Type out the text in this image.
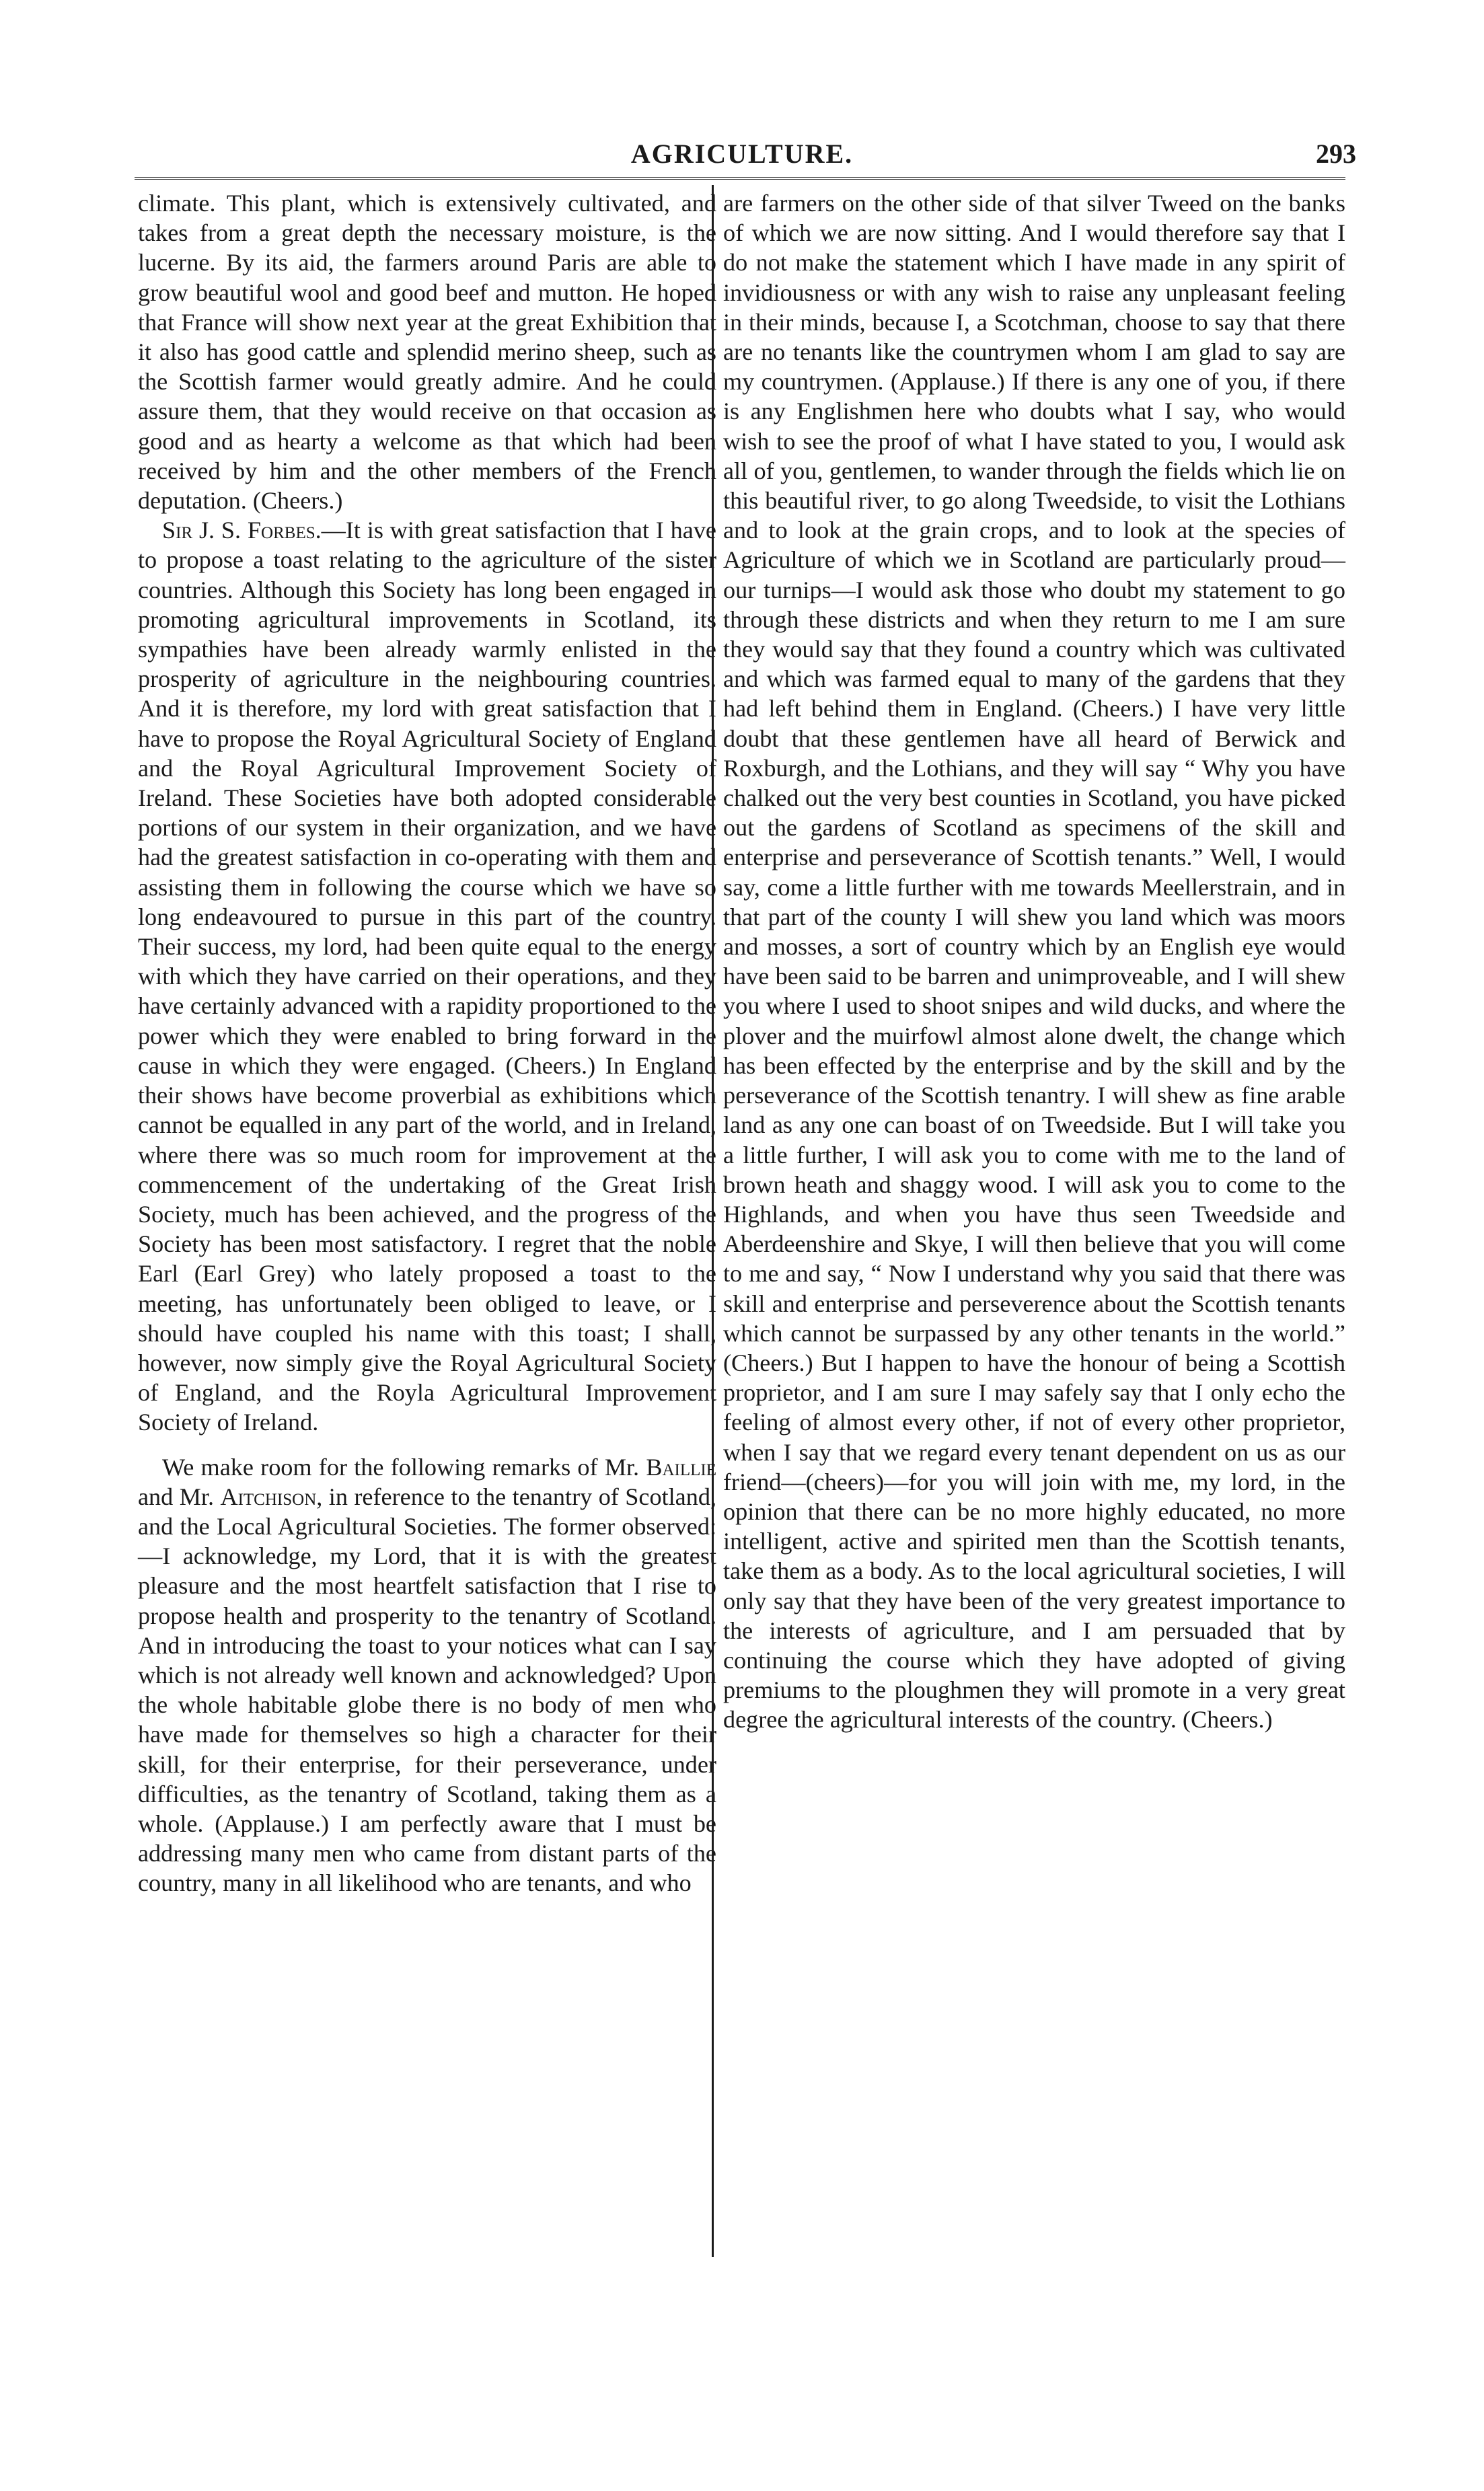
AGRICULTURE.	293

climate. This plant, which is extensively cultivated, and takes from a great depth the necessary moisture, is the lucerne. By its aid, the farmers around Paris are able to grow beautiful wool and good beef and mutton. He hoped that France will show next year at the great Exhibition that it also has good cattle and splendid merino sheep, such as the Scottish farmer would greatly admire. And he could assure them, that they would receive on that occasion as good and as hearty a welcome as that which had been received by him and the other members of the French deputation. (Cheers.)

Sir J. S. Forbes.—It is with great satisfaction that I have to propose a toast relating to the agriculture of the sister countries. Although this Society has long been engaged in promoting agricultural improvements in Scotland, its sympathies have been already warmly enlisted in the prosperity of agriculture in the neighbouring countries. And it is therefore, my lord with great satisfaction that I have to propose the Royal Agricultural Society of England and the Royal Agricultural Improvement Society of Ireland. These Societies have both adopted considerable portions of our system in their organization, and we have had the greatest satisfaction in co-operating with them and assisting them in following the course which we have so long endeavoured to pursue in this part of the country. Their success, my lord, had been quite equal to the energy with which they have carried on their operations, and they have certainly advanced with a rapidity proportioned to the power which they were enabled to bring forward in the cause in which they were engaged. (Cheers.) In England their shows have become proverbial as exhibitions which cannot be equalled in any part of the world, and in Ireland, where there was so much room for improvement at the commencement of the undertaking of the Great Irish Society, much has been achieved, and the progress of the Society has been most satisfactory. I regret that the noble Earl (Earl Grey) who lately proposed a toast to the meeting, has unfortunately been obliged to leave, or I should have coupled his name with this toast; I shall, however, now simply give the Royal Agricultural Society of England, and the Royla Agricultural Improvement Society of Ireland.

We make room for the following remarks of Mr. Baillie and Mr. Aitchison, in reference to the tenantry of Scotland, and the Local Agricultural Societies. The former observed:—I acknowledge, my Lord, that it is with the greatest pleasure and the most heartfelt satisfaction that I rise to propose health and prosperity to the tenantry of Scotland. And in introducing the toast to your notices what can I say which is not already well known and acknowledged? Upon the whole habitable globe there is no body of men who have made for themselves so high a character for their skill, for their enterprise, for their perseverance, under difficulties, as the tenantry of Scotland, taking them as a whole. (Applause.) I am perfectly aware that I must be addressing many men who came from distant parts of the country, many in all likelihood who are tenants, and who

are farmers on the other side of that silver Tweed on the banks of which we are now sitting. And I would therefore say that I do not make the statement which I have made in any spirit of invidiousness or with any wish to raise any unpleasant feeling in their minds, because I, a Scotchman, choose to say that there are no tenants like the countrymen whom I am glad to say are my countrymen. (Applause.) If there is any one of you, if there is any Englishmen here who doubts what I say, who would wish to see the proof of what I have stated to you, I would ask all of you, gentlemen, to wander through the fields which lie on this beautiful river, to go along Tweedside, to visit the Lothians and to look at the grain crops, and to look at the species of Agriculture of which we in Scotland are particularly proud—our turnips—I would ask those who doubt my statement to go through these districts and when they return to me I am sure they would say that they found a country which was cultivated and which was farmed equal to many of the gardens that they had left behind them in England. (Cheers.) I have very little doubt that these gentlemen have all heard of Berwick and Roxburgh, and the Lothians, and they will say “ Why you have chalked out the very best counties in Scotland, you have picked out the gardens of Scotland as specimens of the skill and enterprise and perseverance of Scottish tenants.” Well, I would say, come a little further with me towards Meellerstrain, and in that part of the county I will shew you land which was moors and mosses, a sort of country which by an English eye would have been said to be barren and unimproveable, and I will shew you where I used to shoot snipes and wild ducks, and where the plover and the muirfowl almost alone dwelt, the change which has been effected by the enterprise and by the skill and by the perseverance of the Scottish tenantry. I will shew as fine arable land as any one can boast of on Tweedside. But I will take you a little further, I will ask you to come with me to the land of brown heath and shaggy wood. I will ask you to come to the Highlands, and when you have thus seen Tweedside and Aberdeenshire and Skye, I will then believe that you will come to me and say, “ Now I understand why you said that there was skill and enterprise and perseverence about the Scottish tenants which cannot be surpassed by any other tenants in the world.” (Cheers.) But I happen to have the honour of being a Scottish proprietor, and I am sure I may safely say that I only echo the feeling of almost every other, if not of every other proprietor, when I say that we regard every tenant dependent on us as our friend—(cheers)—for you will join with me, my lord, in the opinion that there can be no more highly educated, no more intelligent, active and spirited men than the Scottish tenants, take them as a body. As to the local agricultural societies, I will only say that they have been of the very greatest importance to the interests of agriculture, and I am persuaded that by continuing the course which they have adopted of giving premiums to the ploughmen they will promote in a very great degree the agricultural interests of the country. (Cheers.)
